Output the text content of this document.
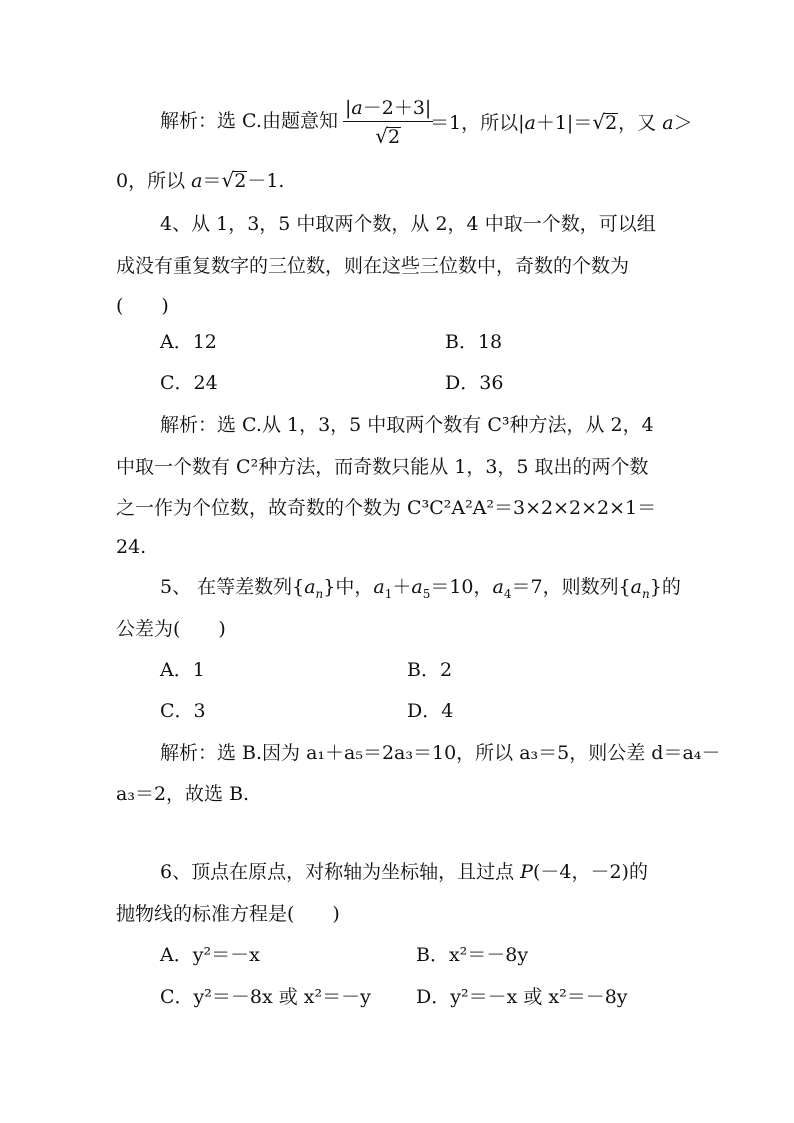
解析：选 C.由题意知 $\frac{|a-2+3|}{√2}$
＝1，所以|a＋1|＝√2，又 a＞
0，所以 a＝√2－1.
4、从 1，3，5 中取两个数，从 2，4 中取一个数，可以组
成没有重复数字的三位数，则在这些三位数中，奇数的个数为
(　　)
A．12	B．18
C．24	D．36
解析：选 C.从 1，3，5 中取两个数有 C³种方法，从 2，4
中取一个数有 C²种方法，而奇数只能从 1，3，5 取出的两个数
之一作为个位数，故奇数的个数为 C³C²A²A²＝3×2×2×2×1＝
24.
5、 在等差数列$\{a_n\}$中，$a_1+a_5=10$，$a_4=7$，则数列$\{a_n\}$的
公差为(　　)
A．1	B．2
C．3	D．4
解析：选 B.因为 a₁＋a₅＝2a₃＝10，所以 a₃＝5，则公差 d＝a₄－
a₃＝2，故选 B.
6、顶点在原点，对称轴为坐标轴，且过点 P(－4，－2)的
抛物线的标准方程是(　　)
A．y²＝－x	B．x²＝－8y
C．y²＝－8x 或 x²＝－y D．y²＝－x 或 x²＝－8y
